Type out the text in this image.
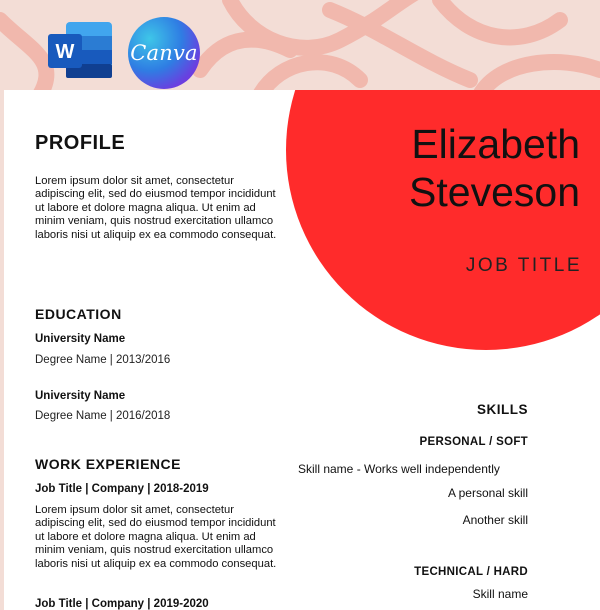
PROFILE
Lorem ipsum dolor sit amet, consectetur adipiscing elit, sed do eiusmod tempor incididunt ut labore et dolore magna aliqua. Ut enim ad minim veniam, quis nostrud exercitation ullamco laboris nisi ut aliquip ex ea commodo consequat.
EDUCATION
University Name
Degree Name | 2013/2016
University Name
Degree Name | 2016/2018
WORK EXPERIENCE
Job Title | Company | 2018-2019
Lorem ipsum dolor sit amet, consectetur adipiscing elit, sed do eiusmod tempor incididunt ut labore et dolore magna aliqua. Ut enim ad minim veniam, quis nostrud exercitation ullamco laboris nisi ut aliquip ex ea commodo consequat.
Job Title | Company | 2019-2020
Elizabeth
Steveson
JOB TITLE
SKILLS
PERSONAL / SOFT
Skill name - Works well independently
A personal skill
Another skill
TECHNICAL / HARD
Skill name
W	Canva
